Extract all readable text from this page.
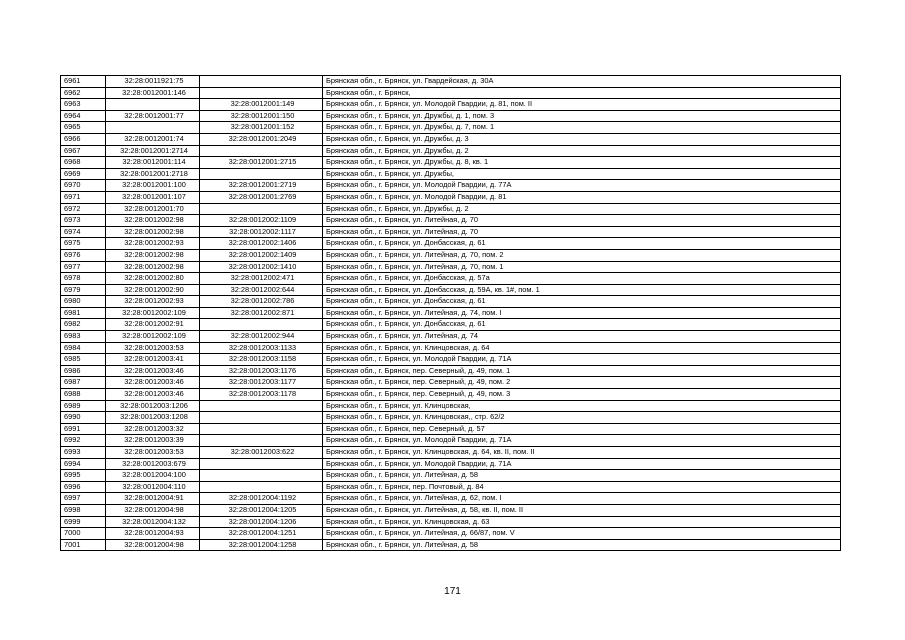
6961	32:28:0011921:75		Брянская обл., г. Брянск, ул. Гвардейская, д. 30А
6962	32:28:0012001:146		Брянская обл., г. Брянск,
6963		32:28:0012001:149	Брянская обл., г. Брянск, ул. Молодой Гвардии, д. 81, пом. II
6964	32:28:0012001:77	32:28:0012001:150	Брянская обл., г. Брянск, ул. Дружбы, д. 1, пом. 3
6965		32:28:0012001:152	Брянская обл., г. Брянск, ул. Дружбы, д. 7, пом. 1
6966	32:28:0012001:74	32:28:0012001:2049	Брянская обл., г. Брянск, ул. Дружбы, д. 3
6967	32:28:0012001:2714		Брянская обл., г. Брянск, ул. Дружбы, д. 2
6968	32:28:0012001:114	32:28:0012001:2715	Брянская обл., г. Брянск, ул. Дружбы, д. 8, кв. 1
6969	32:28:0012001:2718		Брянская обл., г. Брянск, ул. Дружбы,
6970	32:28:0012001:100	32:28:0012001:2719	Брянская обл., г. Брянск, ул. Молодой Гвардии, д. 77А
6971	32:28:0012001:107	32:28:0012001:2769	Брянская обл., г. Брянск, ул. Молодой Гвардии, д. 81
6972	32:28:0012001:70		Брянская обл., г. Брянск, ул. Дружбы, д. 2
6973	32:28:0012002:98	32:28:0012002:1109	Брянская обл., г. Брянск, ул. Литейная, д. 70
6974	32:28:0012002:98	32:28:0012002:1117	Брянская обл., г. Брянск, ул. Литейная, д. 70
6975	32:28:0012002:93	32:28:0012002:1406	Брянская обл., г. Брянск, ул. Донбасская, д. 61
6976	32:28:0012002:98	32:28:0012002:1409	Брянская обл., г. Брянск, ул. Литейная, д. 70, пом. 2
6977	32:28:0012002:98	32:28:0012002:1410	Брянская обл., г. Брянск, ул. Литейная, д. 70, пом. 1
6978	32:28:0012002:80	32:28:0012002:471	Брянская обл., г. Брянск, ул. Донбасская, д. 57а
6979	32:28:0012002:90	32:28:0012002:644	Брянская обл., г. Брянск, ул. Донбасская, д. 59А, кв. 1#, пом. 1
6980	32:28:0012002:93	32:28:0012002:786	Брянская обл., г. Брянск, ул. Донбасская, д. 61
6981	32:28:0012002:109	32:28:0012002:871	Брянская обл., г. Брянск, ул. Литейная, д. 74, пом. I
6982	32:28:0012002:91		Брянская обл., г. Брянск, ул. Донбасская, д. 61
6983	32:28:0012002:109	32:28:0012002:944	Брянская обл., г. Брянск, ул. Литейная, д. 74
6984	32:28:0012003:53	32:28:0012003:1133	Брянская обл., г. Брянск, ул. Клинцовская, д. 64
6985	32:28:0012003:41	32:28:0012003:1158	Брянская обл., г. Брянск, ул. Молодой Гвардии, д. 71А
6986	32:28:0012003:46	32:28:0012003:1176	Брянская обл., г. Брянск, пер. Северный, д. 49, пом. 1
6987	32:28:0012003:46	32:28:0012003:1177	Брянская обл., г. Брянск, пер. Северный, д. 49, пом. 2
6988	32:28:0012003:46	32:28:0012003:1178	Брянская обл., г. Брянск, пер. Северный, д. 49, пом. 3
6989	32:28:0012003:1206		Брянская обл., г. Брянск, ул. Клинцовская,
6990	32:28:0012003:1208		Брянская обл., г. Брянск, ул. Клинцовская,, стр. 62/2
6991	32:28:0012003:32		Брянская обл., г. Брянск, пер. Северный, д. 57
6992	32:28:0012003:39		Брянская обл., г. Брянск, ул. Молодой Гвардии, д. 71А
6993	32:28:0012003:53	32:28:0012003:622	Брянская обл., г. Брянск, ул. Клинцовская, д. 64, кв. II, пом. II
6994	32:28:0012003:679		Брянская обл., г. Брянск, ул. Молодой Гвардии, д. 71А
6995	32:28:0012004:100		Брянская обл., г. Брянск, ул. Литейная, д. 58
6996	32:28:0012004:110		Брянская обл., г. Брянск, пер. Почтовый, д. 84
6997	32:28:0012004:91	32:28:0012004:1192	Брянская обл., г. Брянск, ул. Литейная, д. 62, пом. I
6998	32:28:0012004:98	32:28:0012004:1205	Брянская обл., г. Брянск, ул. Литейная, д. 58, кв. II, пом. II
6999	32:28:0012004:132	32:28:0012004:1206	Брянская обл., г. Брянск, ул. Клинцовская, д. 63
7000	32:28:0012004:93	32:28:0012004:1251	Брянская обл., г. Брянск, ул. Литейная, д. 66/87, пом. V
7001	32:28:0012004:98	32:28:0012004:1258	Брянская обл., г. Брянск, ул. Литейная, д. 58
171
